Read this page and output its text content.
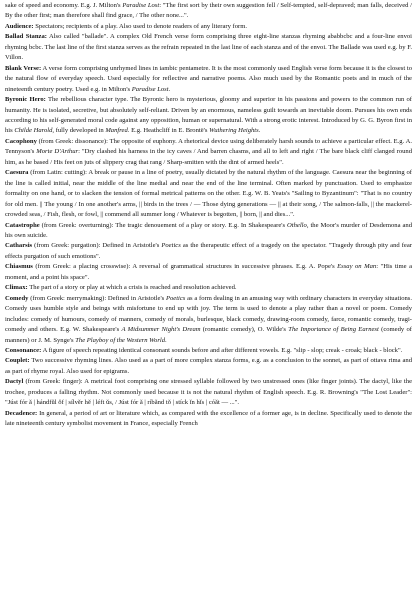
sake of speed and economy. E.g. J. Milton's Paradise Lost: "The first sort by their own suggestion fell / Self-tempted, self-depraved; man falls, deceived / By the other first; man therefore shall find grace, / The other none...".

Audience: Spectators; recipients of a play. Also used to denote readers of any literary form.

Ballad Stanza: Also called "ballade". A complex Old French verse form comprising three eight-line stanzas rhyming ababbcbc and a four-line envoi rhyming bcbc. The last line of the first stanza serves as the refrain repeated in the last line of each stanza and of the envoi. The Ballade was used e.g. by F. Villon.

Blank Verse: A verse form comprising unrhymed lines in iambic pentametre. It is the most commonly used English verse form because it is the closest to the natural flow of everyday speech. Used especially for reflective and narrative poems. Also much used by the Romantic poets and in much of the nineteenth century poetry. Used e.g. in Milton's Paradise Lost.

Byronic Hero: The rebellious character type. The Byronic hero is mysterious, gloomy and superior in his passions and powers to the common run of humanity. He is isolated, secretive, but absolutely self-reliant. Driven by an enormous, nameless guilt towards an inevitable doom. Pursues his own ends according to his self-generated moral code against any opposition, human or supernatural. With a strong erotic interest. Introduced by G. G. Byron first in his Childe Harold, fully developed in Manfred. E.g. Heathcliff in E. Brontë's Wuthering Heights.

Cacophony (from Greek: dissonance): The opposite of euphony. A rhetorical device using deliberately harsh sounds to achieve a particular effect. E.g. A. Tennyson's Morte D'Arthur: "Dry clashed his harness in the icy caves / And barren chasms, and all to left and right / The bare black cliff clanged round him, as he based / His feet on juts of slippery crag that rang / Sharp-smitten with the dint of armed heels".

Caesura (from Latin: cutting): A break or pause in a line of poetry, usually dictated by the natural rhythm of the language. Caesura near the beginning of the line is called initial, near the middle of the line medial and near the end of the line terminal. Often marked by punctuation. Used to emphasize formality on one hand, or to slacken the tension of formal metrical patterns on the other. E.g. W. B. Yeats's "Sailing to Byzantinum": "That is no country for old men. || The young / In one another's arms, || birds in the trees / — Those dying generations — || at their song, / The salmon-falls, || the mackerel-crowded seas, / Fish, flesh, or fowl, || commend all summer long / Whatever is begotten, || born, || and dies...".

Catastrophe (from Greek: overturning): The tragic denouement of a play or story. E.g. In Shakespeare's Othello, the Moor's murder of Desdemona and his own suicide.

Catharsis (from Greek: purgation): Defined in Aristotle's Poetics as the therapeutic effect of a tragedy on the spectator. "Tragedy through pity and fear effects purgation of such emotions".

Chiasmus (from Greek: a placing crosswise): A reversal of grammatical structures in successive phrases. E.g. A. Pope's Essay on Man: "His time a moment, and a point his space".

Climax: The part of a story or play at which a crisis is reached and resolution achieved.

Comedy (from Greek: merrymaking): Defined in Aristotle's Poetics as a form dealing in an amusing way with ordinary characters in everyday situations. Comedy uses humble style and beings with misfortune to end up with joy. The term is used to denote a play rather than a novel or poem. Comedy includes: comedy of humours, comedy of manners, comedy of morals, burlesque, black comedy, drawing-room comedy, farce, romantic comedy, tragi-comedy and others. E.g. W. Shakespeare's A Midsummer Night's Dream (romantic comedy), O. Wilde's The Importance of Being Earnest (comedy of manners) or J. M. Synge's The Playboy of the Western World.

Consonance: A figure of speech repeating identical consonant sounds before and after different vowels. E.g. "slip - slop; creak - croak; black - block".

Couplet: Two successive rhyming lines. Also used as a part of more complex stanza forms, e.g. as a conclusion to the sonnet, as part of ottava rima and as part of rhyme royal. Also used for epigrams.

Dactyl (from Greek: finger): A metrical foot comprising one stressed syllable followed by two unstressed ones (like finger joints). The dactyl, like the trochee, produces a falling rhythm. Not commonly used because it is not the natural rhythm of English speech. E.g. R. Browning's "The Lost Leader": "Júst fór ă | hándfŭl ŏf | sílvĕr hĕ | léft ŭs, / Júst fór ă | ríbănd tŏ | stíck ĭn hĭs | cóăt — ...".

Decadence: In general, a period of art or literature which, as compared with the excellence of a former age, is in decline. Specifically used to denote the late nineteenth century symbolist movement in France, especially French
